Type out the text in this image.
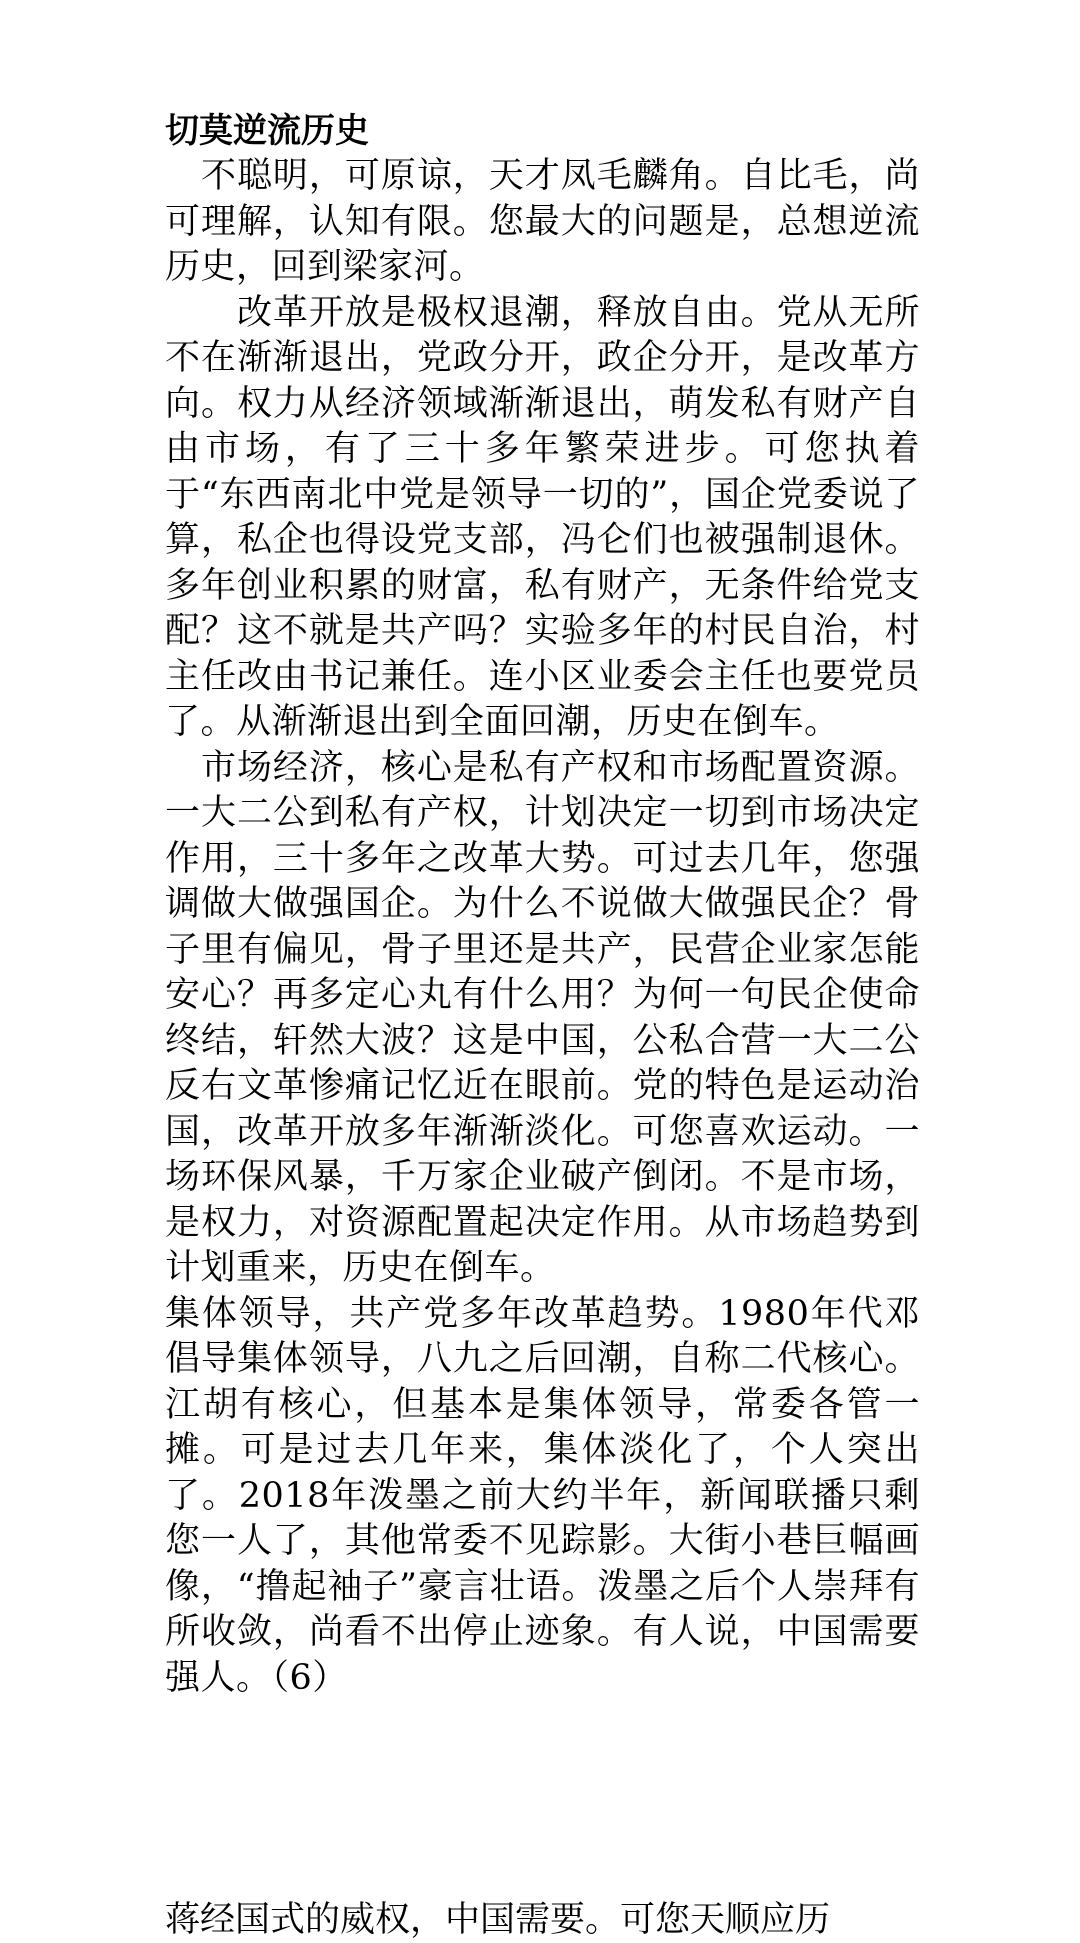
切莫逆流历史

　不聪明，可原谅，天才凤毛麟角。自比毛，尚可理解，认知有限。您最大的问题是，总想逆流历史，回到梁家河。

　　改革开放是极权退潮，释放自由。党从无所不在渐渐退出，党政分开，政企分开，是改革方向。权力从经济领域渐渐退出，萌发私有财产自由市场，有了三十多年繁荣进步。可您执着于“东西南北中党是领导一切的”，国企党委说了算，私企也得设党支部，冯仑们也被强制退休。多年创业积累的财富，私有财产，无条件给党支配？这不就是共产吗？实验多年的村民自治，村主任改由书记兼任。连小区业委会主任也要党员了。从渐渐退出到全面回潮，历史在倒车。

　市场经济，核心是私有产权和市场配置资源。一大二公到私有产权，计划决定一切到市场决定作用，三十多年之改革大势。可过去几年，您强调做大做强国企。为什么不说做大做强民企？骨子里有偏见，骨子里还是共产，民营企业家怎能安心？再多定心丸有什么用？为何一句民企使命终结，轩然大波？这是中国，公私合营一大二公反右文革惨痛记忆近在眼前。党的特色是运动治国，改革开放多年渐渐淡化。可您喜欢运动。一场环保风暴，千万家企业破产倒闭。不是市场，是权力，对资源配置起决定作用。从市场趋势到计划重来，历史在倒车。

集体领导，共产党多年改革趋势。1980年代邓倡导集体领导，八九之后回潮，自称二代核心。江胡有核心，但基本是集体领导，常委各管一摊。可是过去几年来，集体淡化了，个人突出了。2018年泼墨之前大约半年，新闻联播只剩您一人了，其他常委不见踪影。大街小巷巨幅画像，“撸起袖子”豪言壮语。泼墨之后个人崇拜有所收敛，尚看不出停止迹象。有人说，中国需要强人。（6）

蒋经国式的威权，中国需要。可您天顺应历
